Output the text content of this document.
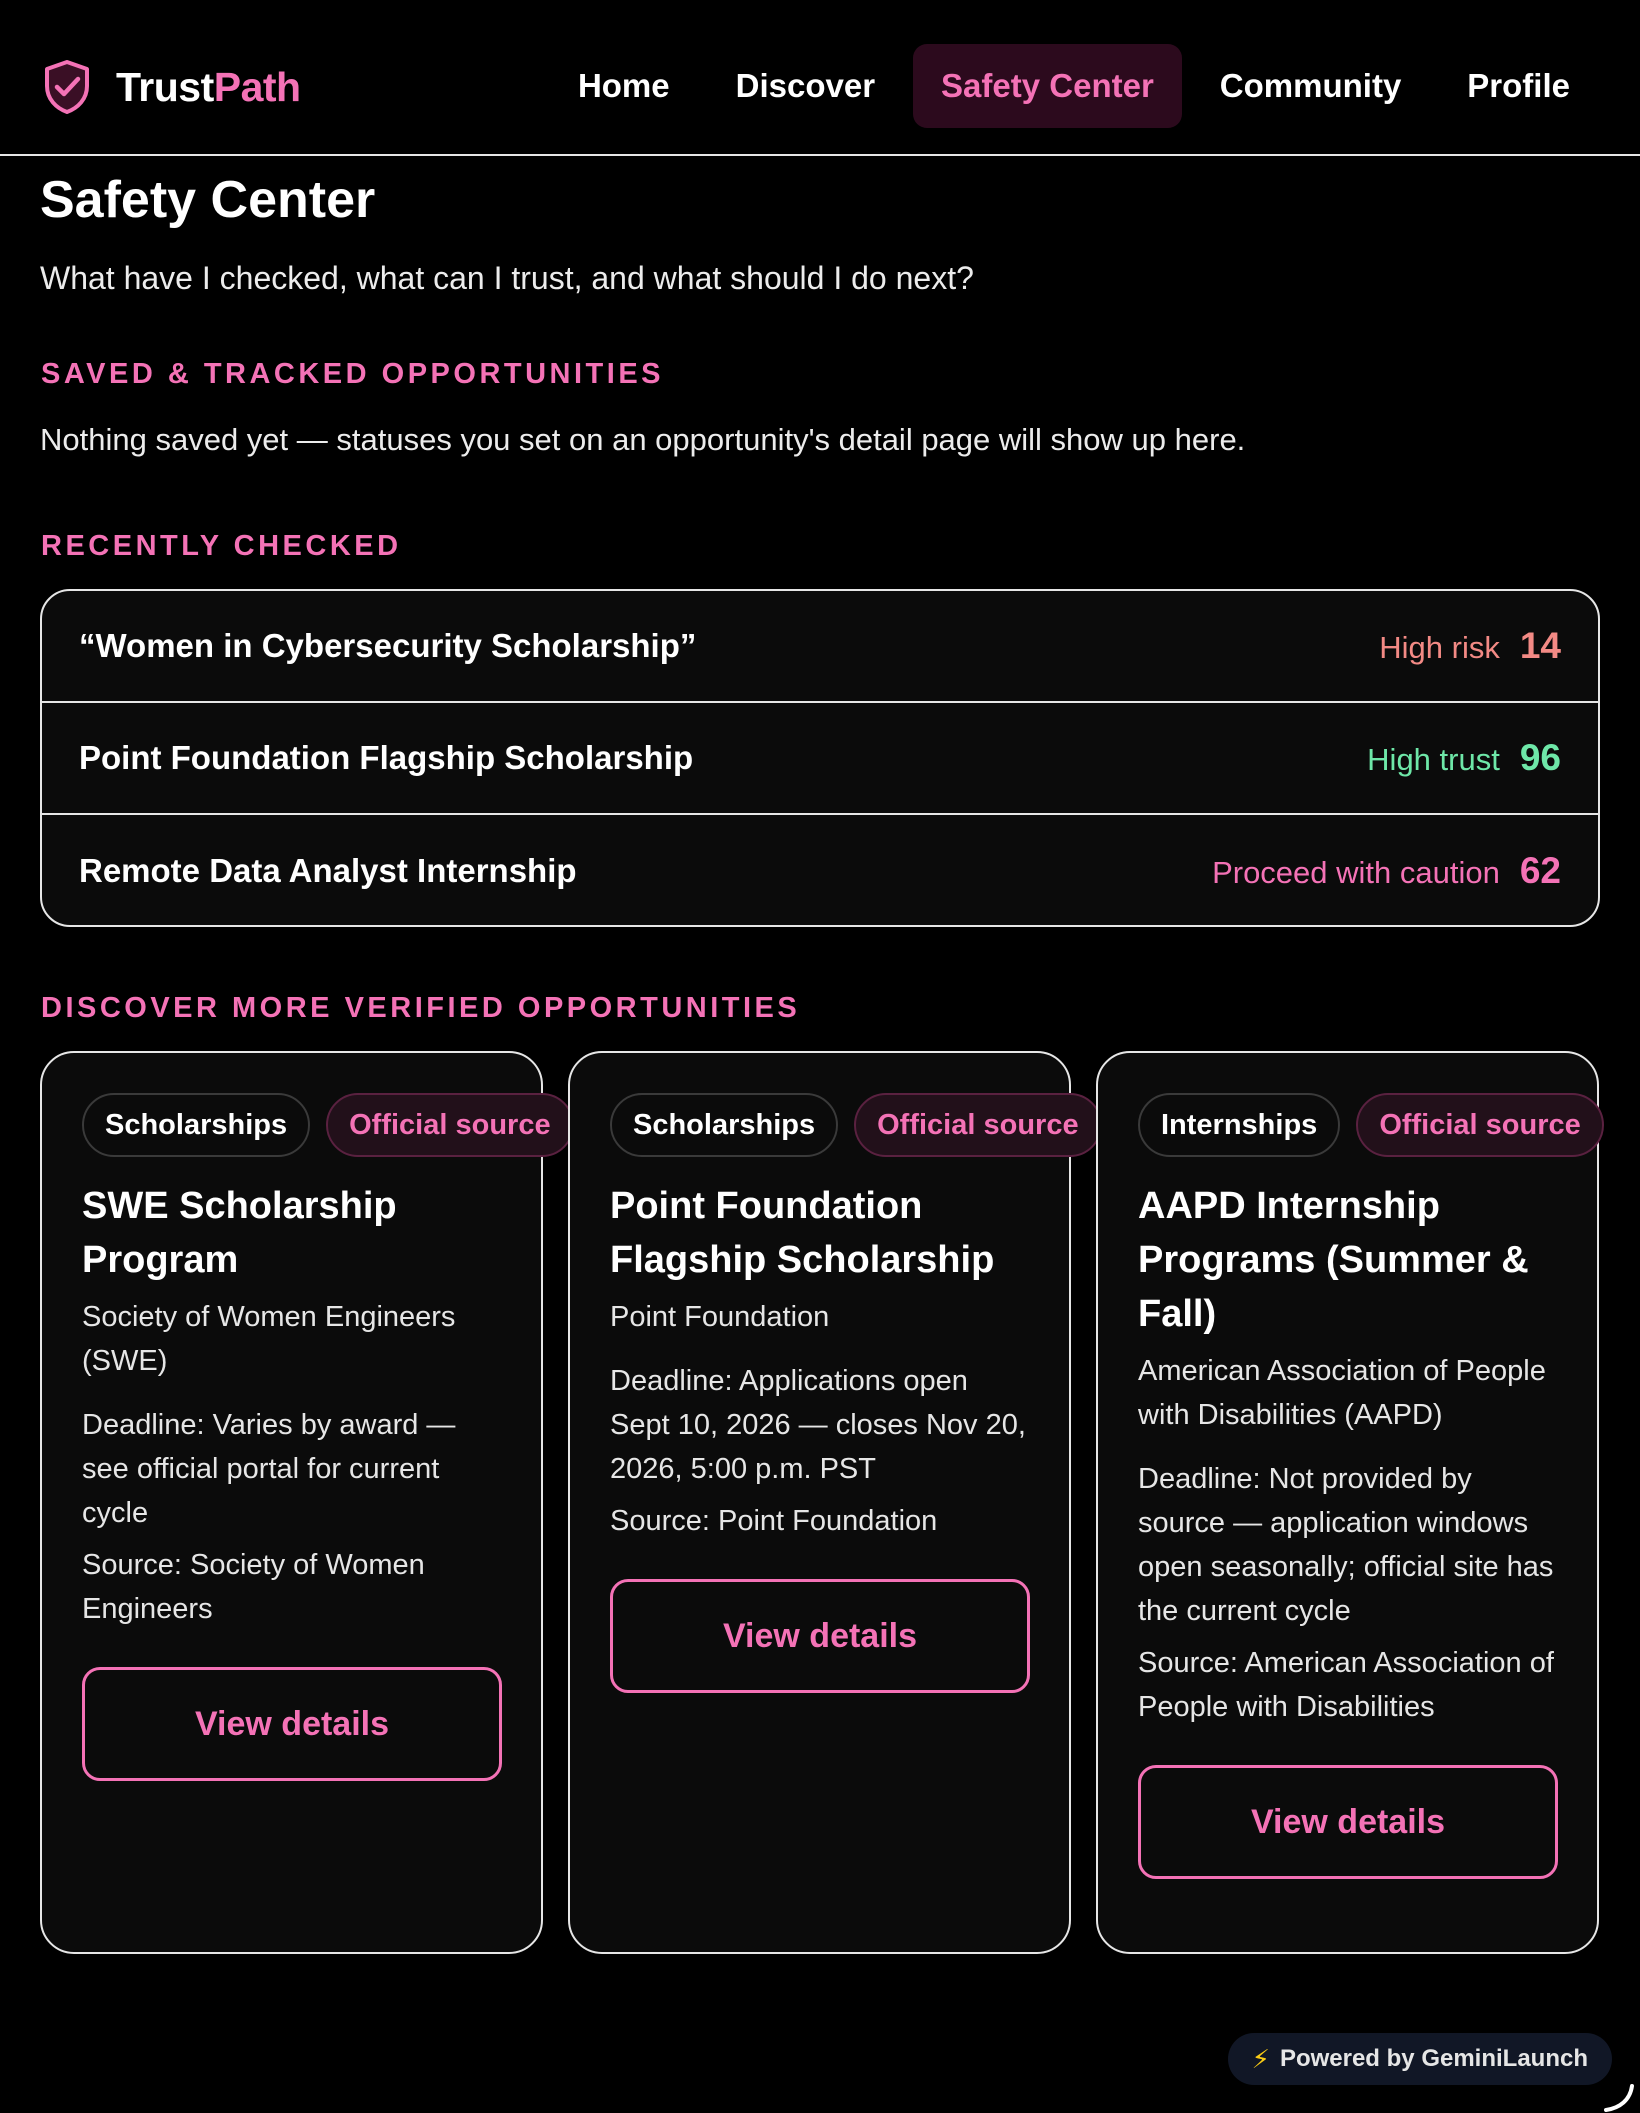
TrustPath	Home	Discover	Safety Center	Community	Profile
Safety Center

What have I checked, what can I trust, and what should I do next?

SAVED & TRACKED OPPORTUNITIES

Nothing saved yet — statuses you set on an opportunity's detail page will show up here.

RECENTLY CHECKED
“Women in Cybersecurity Scholarship”	High risk 14
Point Foundation Flagship Scholarship	High trust 96
Remote Data Analyst Internship	Proceed with caution 62
DISCOVER MORE VERIFIED OPPORTUNITIES
Scholarships	Official source
SWE Scholarship Program

Society of Women Engineers (SWE)

Deadline: Varies by award — see official portal for current cycle

Source: Society of Women Engineers

View details
Scholarships	Official source
Point Foundation Flagship Scholarship

Point Foundation

Deadline: Applications open Sept 10, 2026 — closes Nov 20, 2026, 5:00 p.m. PST

Source: Point Foundation

View details
Internships	Official source
AAPD Internship Programs (Summer & Fall)

American Association of People with Disabilities (AAPD)

Deadline: Not provided by source — application windows open seasonally; official site has the current cycle

Source: American Association of People with Disabilities

View details
⚡ Powered by GeminiLaunch
